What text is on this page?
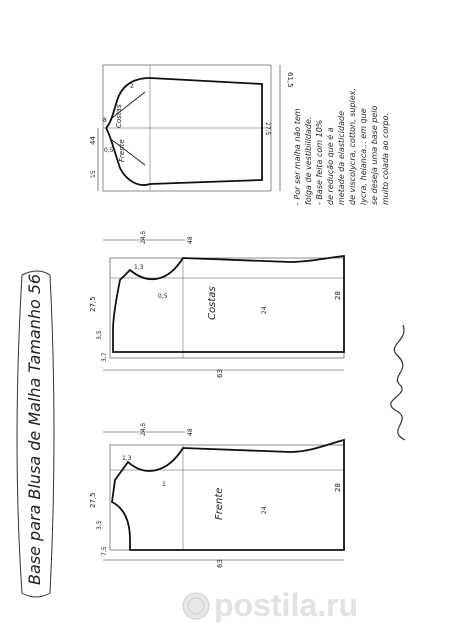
Base para Blusa de Malha Tamanho 56
Costas
Frente
61,5
44
15
27,5
2
8
0,5
Costas
24,5	48
63
27,5
3,5
3,7
1,3
0,5
24
28
Frente
24,5	48
63
27,5
3,5
7,5
1,3
1
24
28
- Por ser malha não tem folga de vestibilidade. - Base feita com 10% de redução que é a metade da elasticidade de viscolycra, cotton, suplex, lycra, helanca... em que se deseja uma base pelo muito colada ao corpo.
postila.ru
